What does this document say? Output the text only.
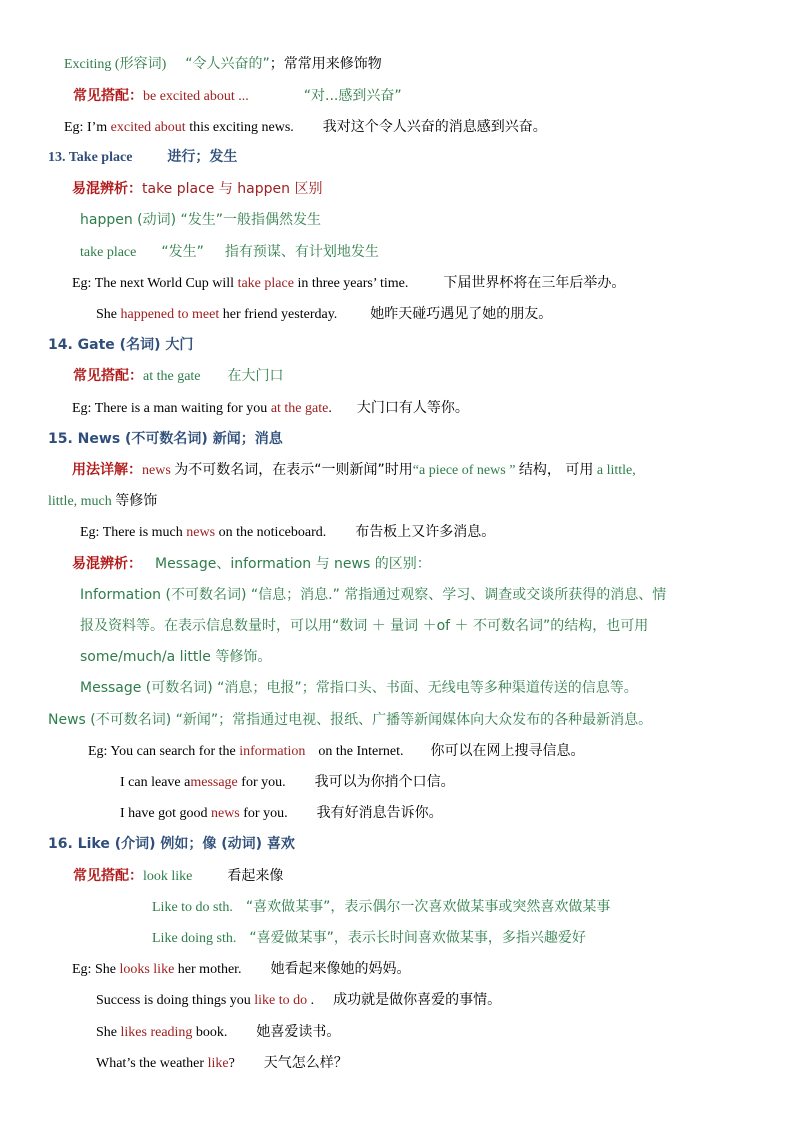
Exciting (形容词) “令人兴奋的”；常常用来修饰物
常见搭配：be excited about ...	“对...感到兴奋”
Eg: I’m excited about this exciting news. 我对这个令人兴奋的消息感到兴奋。
13. Take place	进行；发生
易混辨析：take place 与 happen 区别
happen (动词) “发生”一般指偶然发生
take place “发生” 指有预谋、有计划地发生
Eg: The next World Cup will take place in three years’ time.	下届世界杯将在三年后举办。
She happened to meet her friend yesterday. 她昨天碰巧遇见了她的朋友。
14. Gate (名词) 大门
常见搭配：at the gate 在大门口
Eg: There is a man waiting for you at the gate. 大门口有人等你。
15. News (不可数名词) 新闻；消息
用法详解：news 为不可数名词，在表示“一则新闻”时用“a piece of news ” 结构， 可用 a little,
little, much 等修饰
Eg: There is much news on the noticeboard. 布告板上又许多消息。
易混辨析： Message、information 与 news 的区别：
Information (不可数名词) “信息；消息.” 常指通过观察、学习、调查或交谈所获得的消息、情
报及资料等。在表示信息数量时，可以用“数词 ＋ 量词 ＋of ＋ 不可数名词”的结构，也可用
some/much/a little 等修饰。
Message (可数名词) “消息；电报”；常指口头、书面、无线电等多种渠道传送的信息等。
News (不可数名词) “新闻”；常指通过电视、报纸、广播等新闻媒体向大众发布的各种最新消息。
Eg: You can search for the information on the Internet. 你可以在网上搜寻信息。
I can leave amessage for you. 我可以为你捎个口信。
I have got good news for you. 我有好消息告诉你。
16. Like (介词) 例如；像 (动词) 喜欢
常见搭配：look like	看起来像
Like to do sth. “喜欢做某事”，表示偶尔一次喜欢做某事或突然喜欢做某事
Like doing sth. “喜爱做某事”，表示长时间喜欢做某事，多指兴趣爱好
Eg: She looks like her mother. 她看起来像她的妈妈。
Success is doing things you like to do . 成功就是做你喜爱的事情。
She likes reading book. 她喜爱读书。
What’s the weather like? 天气怎么样？
